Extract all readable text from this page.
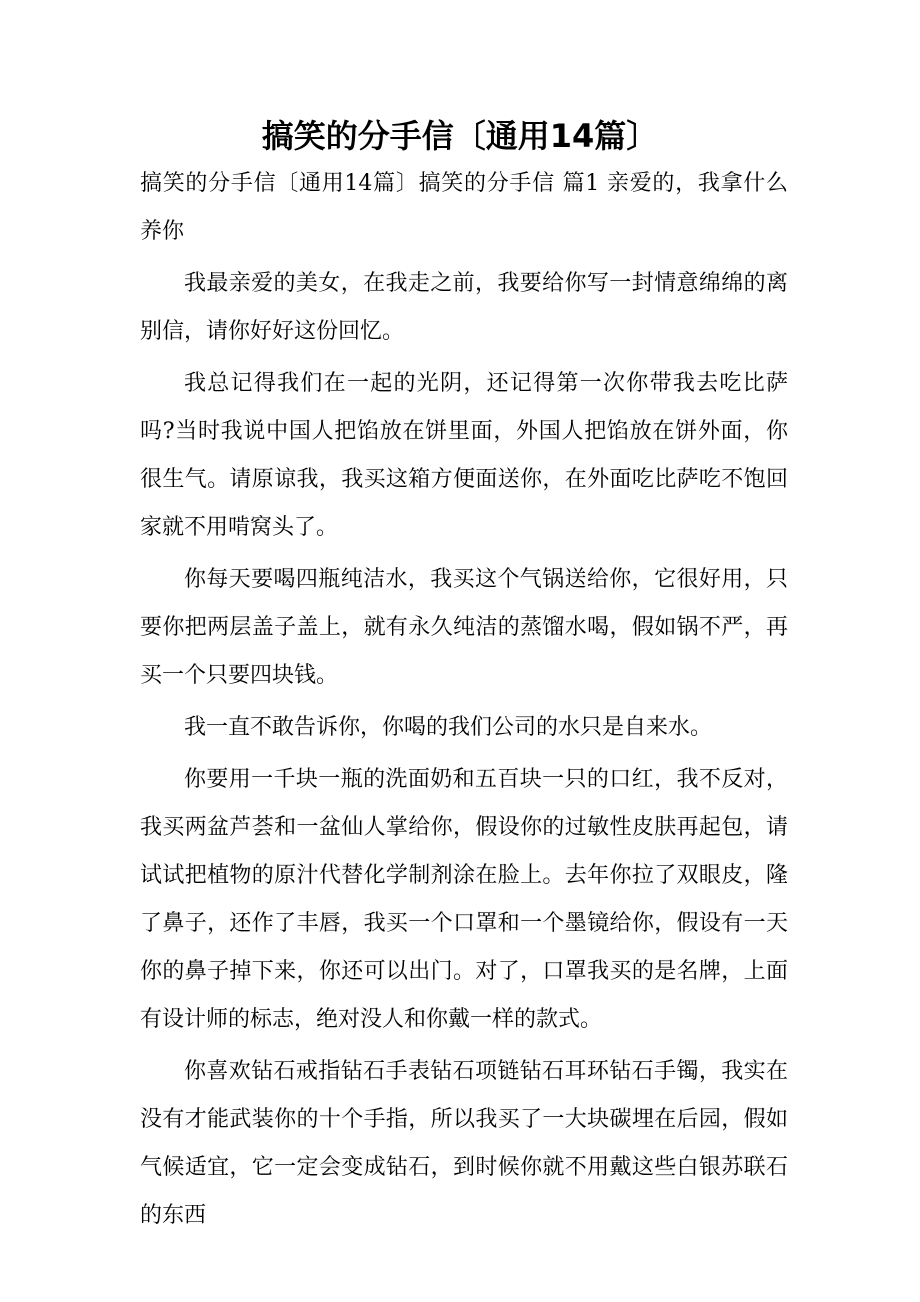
搞笑的分手信〔通用14篇〕

搞笑的分手信〔通用14篇〕搞笑的分手信 篇1 亲爱的，我拿什么养你

我最亲爱的美女，在我走之前，我要给你写一封情意绵绵的离别信，请你好好这份回忆。

我总记得我们在一起的光阴，还记得第一次你带我去吃比萨吗?当时我说中国人把馅放在饼里面，外国人把馅放在饼外面，你很生气。请原谅我，我买这箱方便面送你，在外面吃比萨吃不饱回家就不用啃窝头了。

你每天要喝四瓶纯洁水，我买这个气锅送给你，它很好用，只要你把两层盖子盖上，就有永久纯洁的蒸馏水喝，假如锅不严，再买一个只要四块钱。

我一直不敢告诉你，你喝的我们公司的水只是自来水。

你要用一千块一瓶的洗面奶和五百块一只的口红，我不反对，我买两盆芦荟和一盆仙人掌给你，假设你的过敏性皮肤再起包，请试试把植物的原汁代替化学制剂涂在脸上。去年你拉了双眼皮，隆了鼻子，还作了丰唇，我买一个口罩和一个墨镜给你，假设有一天你的鼻子掉下来，你还可以出门。对了，口罩我买的是名牌，上面有设计师的标志，绝对没人和你戴一样的款式。

你喜欢钻石戒指钻石手表钻石项链钻石耳环钻石手镯，我实在没有才能武装你的十个手指，所以我买了一大块碳埋在后园，假如气候适宜，它一定会变成钻石，到时候你就不用戴这些白银苏联石的东西
